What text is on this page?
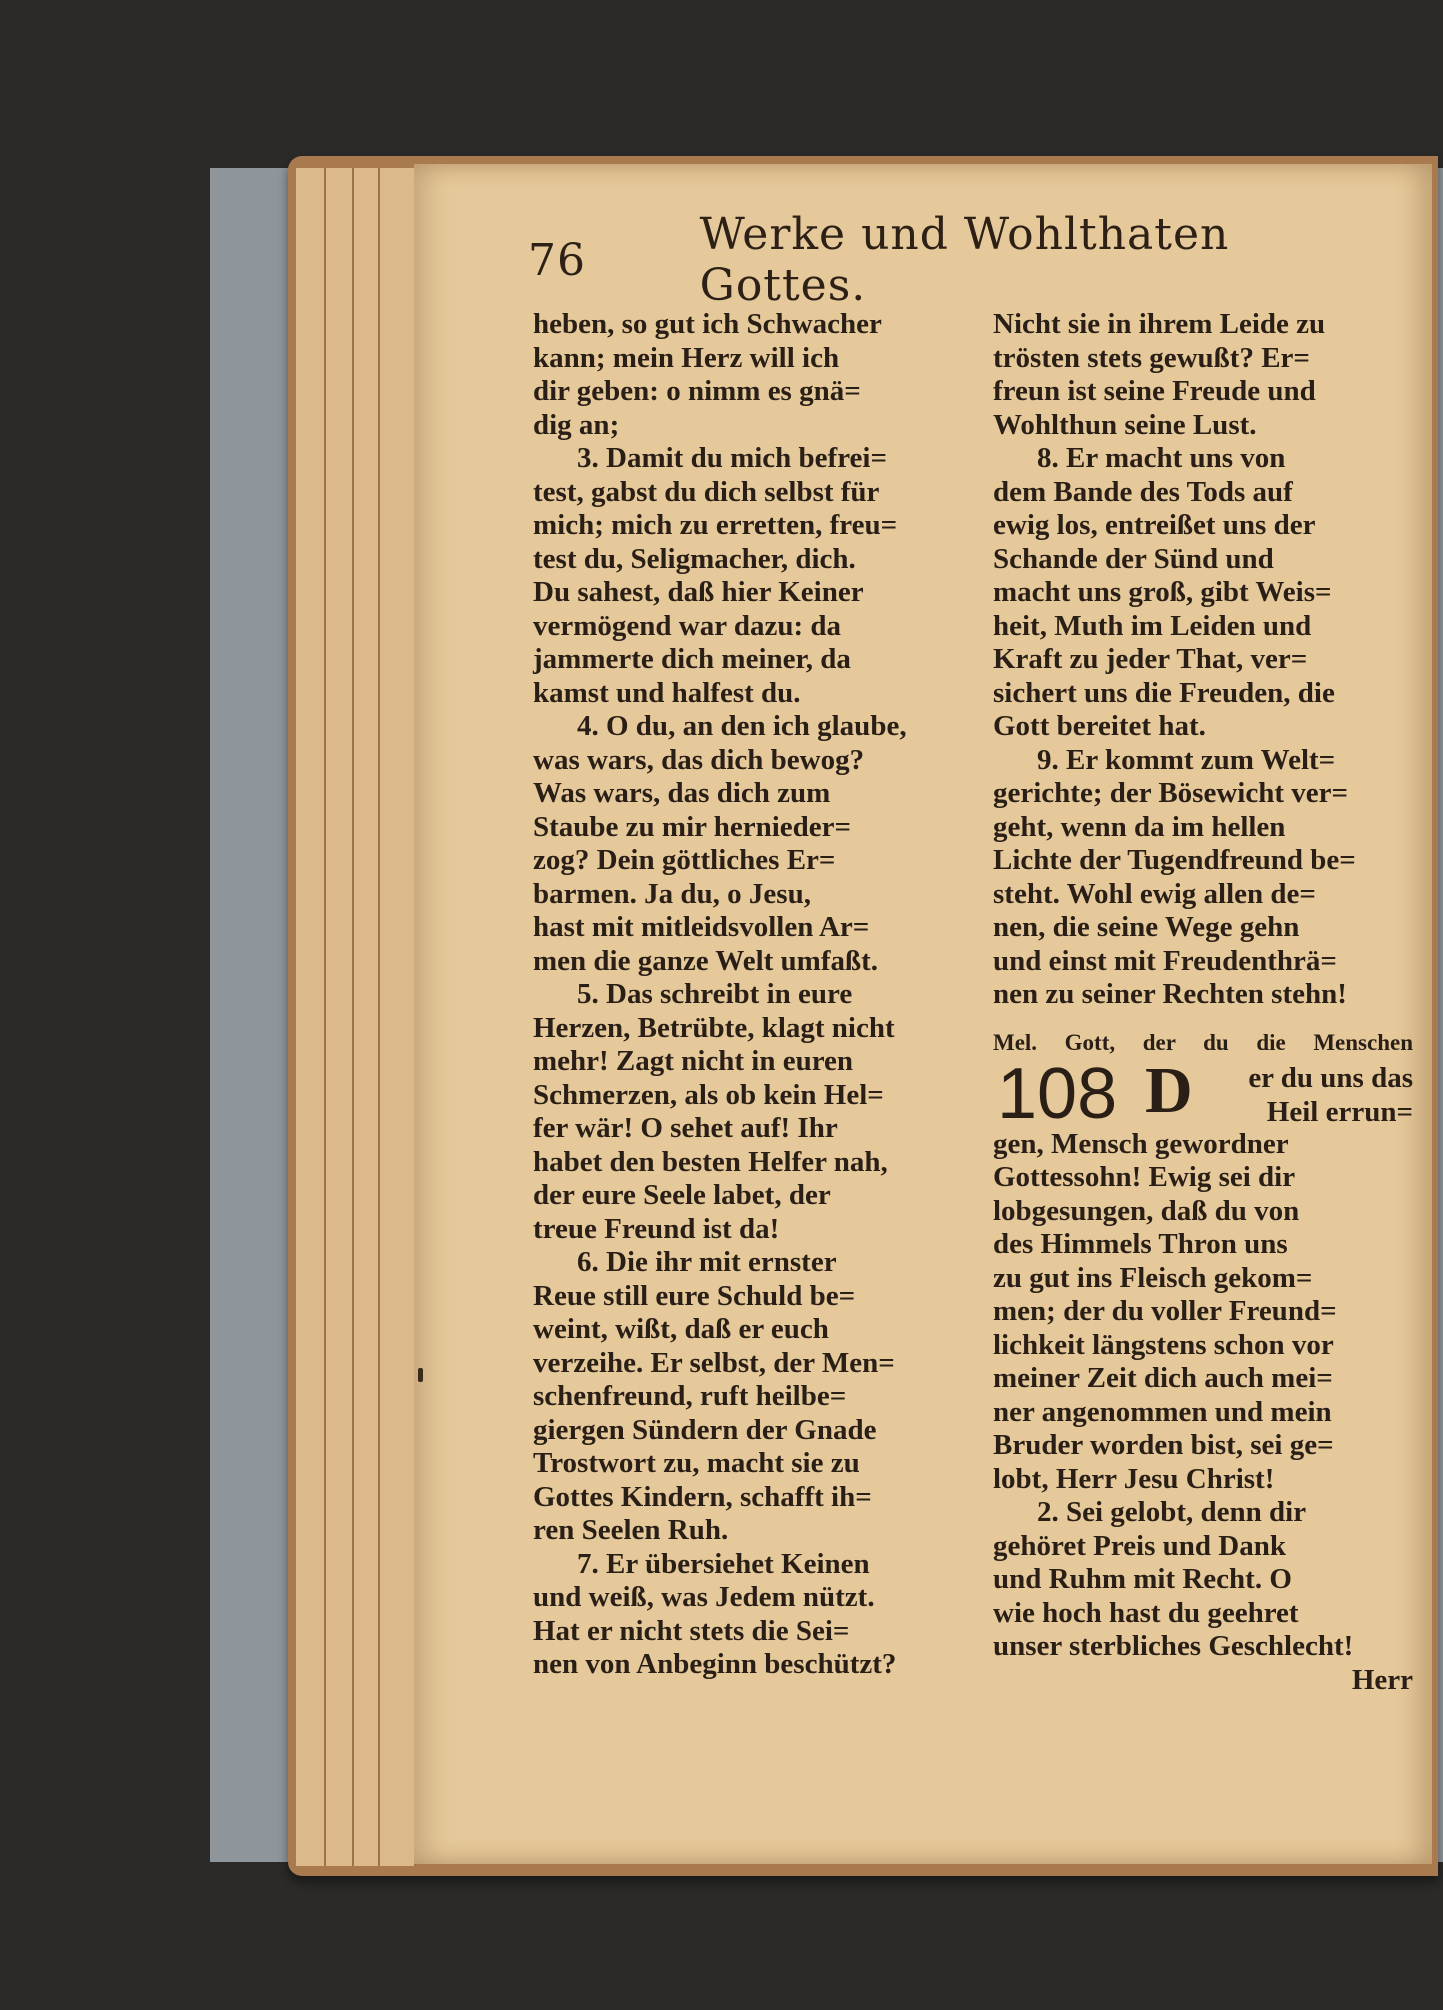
76	Werke und Wohlthaten Gottes.
heben, so gut ich Schwacher
kann; mein Herz will ich
dir geben: o nimm es gnä=
dig an;
3. Damit du mich befrei=
test, gabst du dich selbst für
mich; mich zu erretten, freu=
test du, Seligmacher, dich.
Du sahest, daß hier Keiner
vermögend war dazu: da
jammerte dich meiner, da
kamst und halfest du.
4. O du, an den ich glaube,
was wars, das dich bewog?
Was wars, das dich zum
Staube zu mir hernieder=
zog? Dein göttliches Er=
barmen. Ja du, o Jesu,
hast mit mitleidsvollen Ar=
men die ganze Welt umfaßt.
5. Das schreibt in eure
Herzen, Betrübte, klagt nicht
mehr! Zagt nicht in euren
Schmerzen, als ob kein Hel=
fer wär! O sehet auf! Ihr
habet den besten Helfer nah,
der eure Seele labet, der
treue Freund ist da!
6. Die ihr mit ernster
Reue still eure Schuld be=
weint, wißt, daß er euch
verzeihe. Er selbst, der Men=
schenfreund, ruft heilbe=
giergen Sündern der Gnade
Trostwort zu, macht sie zu
Gottes Kindern, schafft ih=
ren Seelen Ruh.
7. Er übersiehet Keinen
und weiß, was Jedem nützt.
Hat er nicht stets die Sei=
nen von Anbeginn beschützt?
Nicht sie in ihrem Leide zu
trösten stets gewußt? Er=
freun ist seine Freude und
Wohlthun seine Lust.
8. Er macht uns von
dem Bande des Tods auf
ewig los, entreißet uns der
Schande der Sünd und
macht uns groß, gibt Weis=
heit, Muth im Leiden und
Kraft zu jeder That, ver=
sichert uns die Freuden, die
Gott bereitet hat.
9. Er kommt zum Welt=
gerichte; der Bösewicht ver=
geht, wenn da im hellen
Lichte der Tugendfreund be=
steht. Wohl ewig allen de=
nen, die seine Wege gehn
und einst mit Freudenthrä=
nen zu seiner Rechten stehn!
Mel. Gott, der du die Menschen
108 D	er du uns das
Heil errun=
gen, Mensch gewordner
Gottessohn! Ewig sei dir
lobgesungen, daß du von
des Himmels Thron uns
zu gut ins Fleisch gekom=
men; der du voller Freund=
lichkeit längstens schon vor
meiner Zeit dich auch mei=
ner angenommen und mein
Bruder worden bist, sei ge=
lobt, Herr Jesu Christ!
2. Sei gelobt, denn dir
gehöret Preis und Dank
und Ruhm mit Recht. O
wie hoch hast du geehret
unser sterbliches Geschlecht!
Herr
